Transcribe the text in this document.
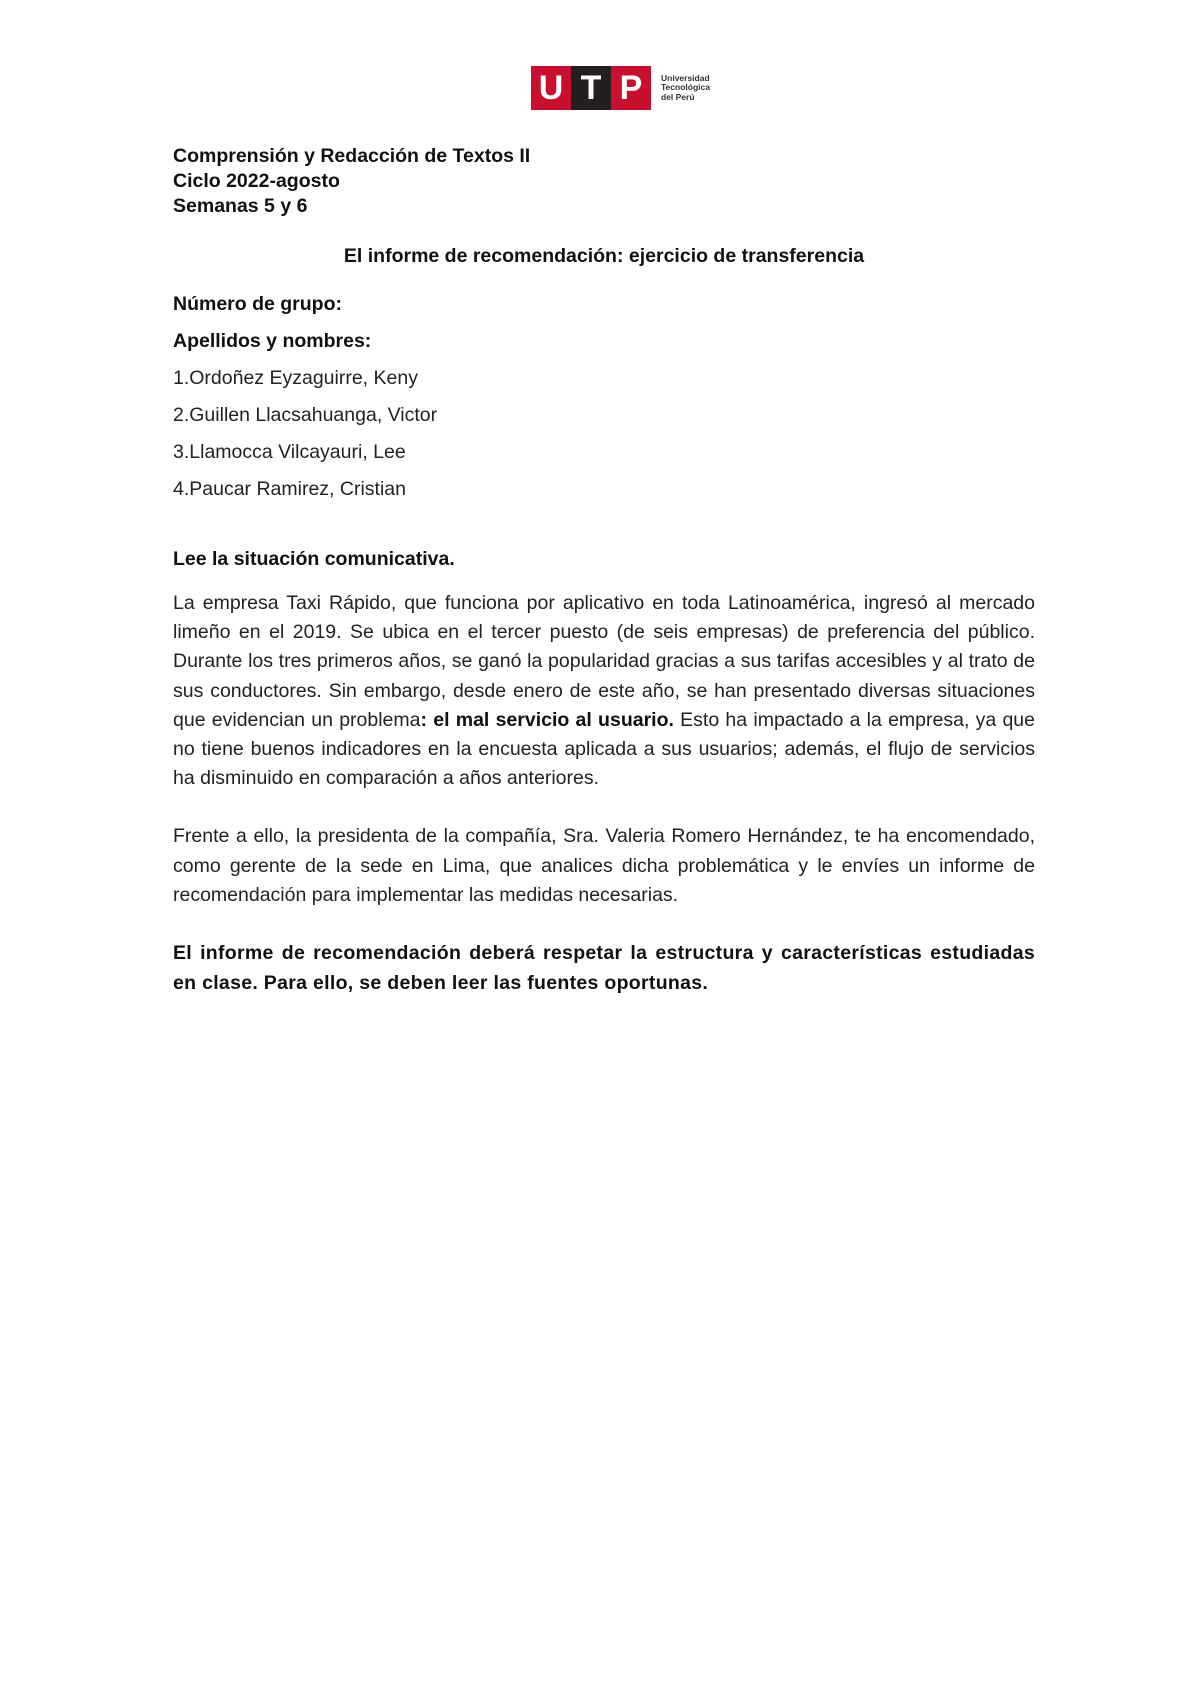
U T P	Universidad
Tecnológica
del Perú
Comprensión y Redacción de Textos II
Ciclo 2022-agosto
Semanas 5 y 6
El informe de recomendación: ejercicio de transferencia
Número de grupo:
Apellidos y nombres:
1.Ordoñez Eyzaguirre, Keny
2.Guillen Llacsahuanga, Victor
3.Llamocca Vilcayauri, Lee
4.Paucar Ramirez, Cristian
Lee la situación comunicativa.
La empresa Taxi Rápido, que funciona por aplicativo en toda Latinoamérica, ingresó al mercado limeño en el 2019. Se ubica en el tercer puesto (de seis empresas) de preferencia del público. Durante los tres primeros años, se ganó la popularidad gracias a sus tarifas accesibles y al trato de sus conductores. Sin embargo, desde enero de este año, se han presentado diversas situaciones que evidencian un problema: el mal servicio al usuario. Esto ha impactado a la empresa, ya que no tiene buenos indicadores en la encuesta aplicada a sus usuarios; además, el flujo de servicios ha disminuido en comparación a años anteriores.
Frente a ello, la presidenta de la compañía, Sra. Valeria Romero Hernández, te ha encomendado, como gerente de la sede en Lima, que analices dicha problemática y le envíes un informe de recomendación para implementar las medidas necesarias.
El informe de recomendación deberá respetar la estructura y características estudiadas en clase. Para ello, se deben leer las fuentes oportunas.
